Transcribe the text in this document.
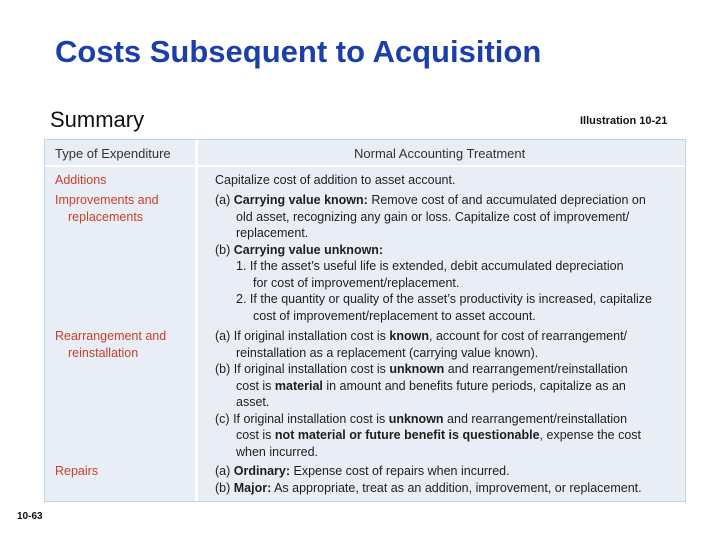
Costs Subsequent to Acquisition
Summary	Illustration 10-21
Type of Expenditure	Normal Accounting Treatment
Additions
Improvements and
replacements
Rearrangement and
reinstallation
Repairs
Capitalize cost of addition to asset account.
(a) Carrying value known: Remove cost of and accumulated depreciation on
old asset, recognizing any gain or loss. Capitalize cost of improvement/
replacement.
(b) Carrying value unknown:
1. If the asset’s useful life is extended, debit accumulated depreciation
for cost of improvement/replacement.
2. If the quantity or quality of the asset’s productivity is increased, capitalize
cost of improvement/replacement to asset account.
(a) If original installation cost is known, account for cost of rearrangement/
reinstallation as a replacement (carrying value known).
(b) If original installation cost is unknown and rearrangement/reinstallation
cost is material in amount and benefits future periods, capitalize as an
asset.
(c) If original installation cost is unknown and rearrangement/reinstallation
cost is not material or future benefit is questionable, expense the cost
when incurred.
(a) Ordinary: Expense cost of repairs when incurred.
(b) Major: As appropriate, treat as an addition, improvement, or replacement.
10-63
